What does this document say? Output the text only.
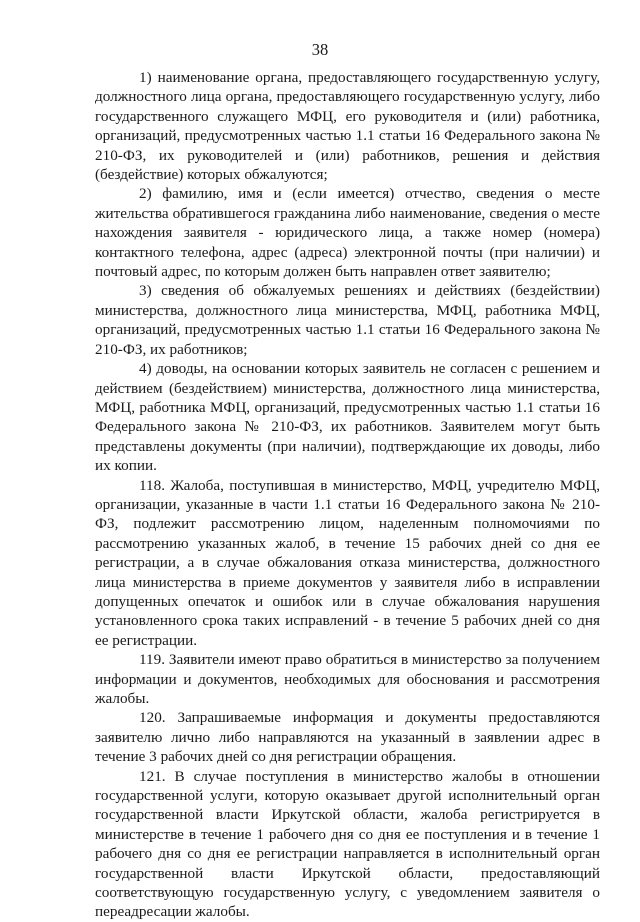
38

1) наименование органа, предоставляющего государственную услугу, должностного лица органа, предоставляющего государственную услугу, либо государственного служащего МФЦ, его руководителя и (или) работника, организаций, предусмотренных частью 1.1 статьи 16 Федерального закона № 210-ФЗ, их руководителей и (или) работников, решения и действия (бездействие) которых обжалуются;

2) фамилию, имя и (если имеется) отчество, сведения о месте жительства обратившегося гражданина либо наименование, сведения о месте нахождения заявителя - юридического лица, а также номер (номера) контактного телефона, адрес (адреса) электронной почты (при наличии) и почтовый адрес, по которым должен быть направлен ответ заявителю;

3) сведения об обжалуемых решениях и действиях (бездействии) министерства, должностного лица министерства, МФЦ, работника МФЦ, организаций, предусмотренных частью 1.1 статьи 16 Федерального закона № 210-ФЗ, их работников;

4) доводы, на основании которых заявитель не согласен с решением и действием (бездействием) министерства, должностного лица министерства, МФЦ, работника МФЦ, организаций, предусмотренных частью 1.1 статьи 16 Федерального закона № 210-ФЗ, их работников. Заявителем могут быть представлены документы (при наличии), подтверждающие их доводы, либо их копии.

118. Жалоба, поступившая в министерство, МФЦ, учредителю МФЦ, организации, указанные в части 1.1 статьи 16 Федерального закона № 210-ФЗ, подлежит рассмотрению лицом, наделенным полномочиями по рассмотрению указанных жалоб, в течение 15 рабочих дней со дня ее регистрации, а в случае обжалования отказа министерства, должностного лица министерства в приеме документов у заявителя либо в исправлении допущенных опечаток и ошибок или в случае обжалования нарушения установленного срока таких исправлений - в течение 5 рабочих дней со дня ее регистрации.

119. Заявители имеют право обратиться в министерство за получением информации и документов, необходимых для обоснования и рассмотрения жалобы.

120. Запрашиваемые информация и документы предоставляются заявителю лично либо направляются на указанный в заявлении адрес в течение 3 рабочих дней со дня регистрации обращения.

121. В случае поступления в министерство жалобы в отношении государственной услуги, которую оказывает другой исполнительный орган государственной власти Иркутской области, жалоба регистрируется в министерстве в течение 1 рабочего дня со дня ее поступления и в течение 1 рабочего дня со дня ее регистрации направляется в исполнительный орган государственной власти Иркутской области, предоставляющий соответствующую государственную услугу, с уведомлением заявителя о переадресации жалобы.
